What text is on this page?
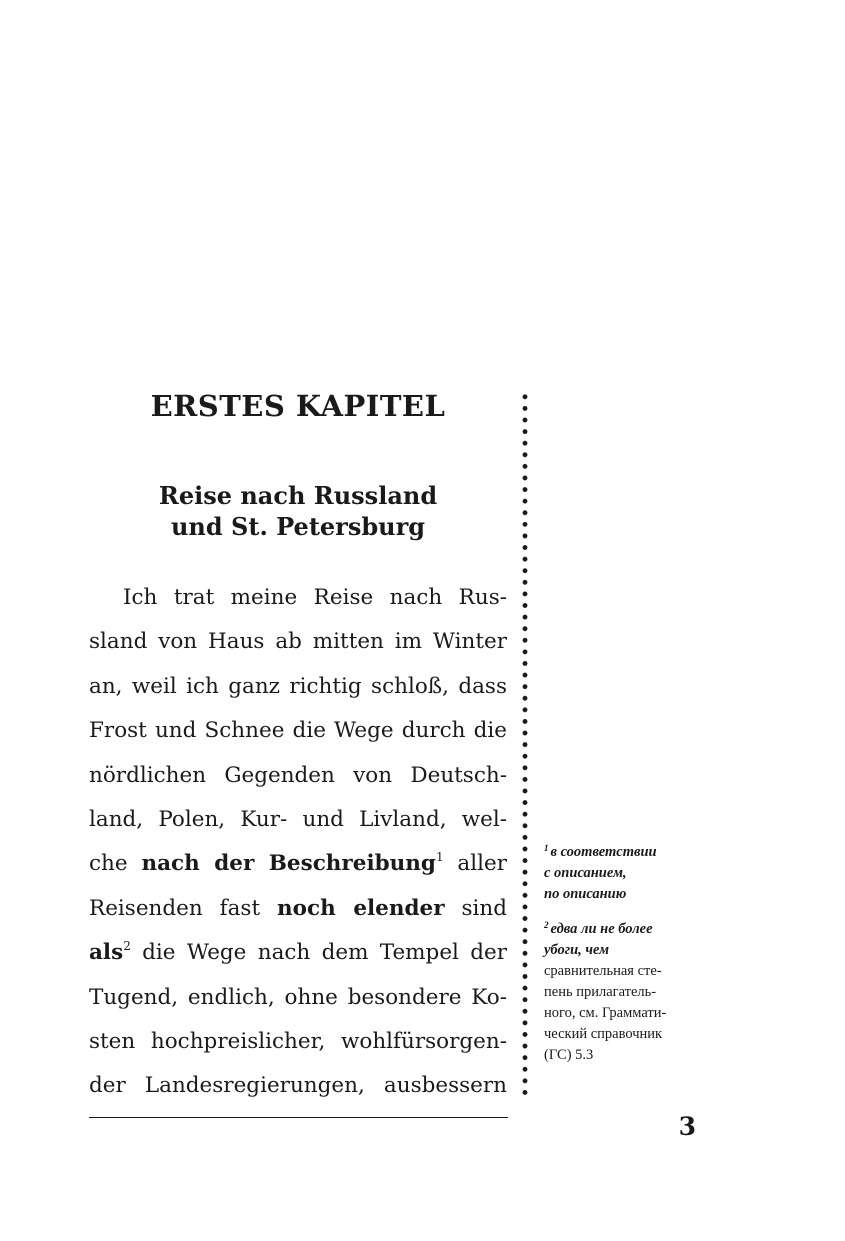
ERSTES KAPITEL
Reise nach Russland
und St. Petersburg
Ich trat meine Reise nach Rus-
sland von Haus ab mitten im Winter
an, weil ich ganz richtig schloß, dass
Frost und Schnee die Wege durch die
nördlichen Gegenden von Deutsch-
land, Polen, Kur- und Livland, wel-
che nach der Beschreibung$^1$ aller
Reisenden fast noch elender sind
als$^2$ die Wege nach dem Tempel der
Tugend, endlich, ohne besondere Ko-
sten hochpreislicher, wohlfürsorgen-
der Landesregierungen, ausbessern
$^1$ в соответствии
с описанием,
по описанию
$^2$ едва ли не более
убоги, чем
сравнительная сте-
пень прилагатель-
ного, см. Граммати-
ческий справочник
(ГС) 5.3
3
